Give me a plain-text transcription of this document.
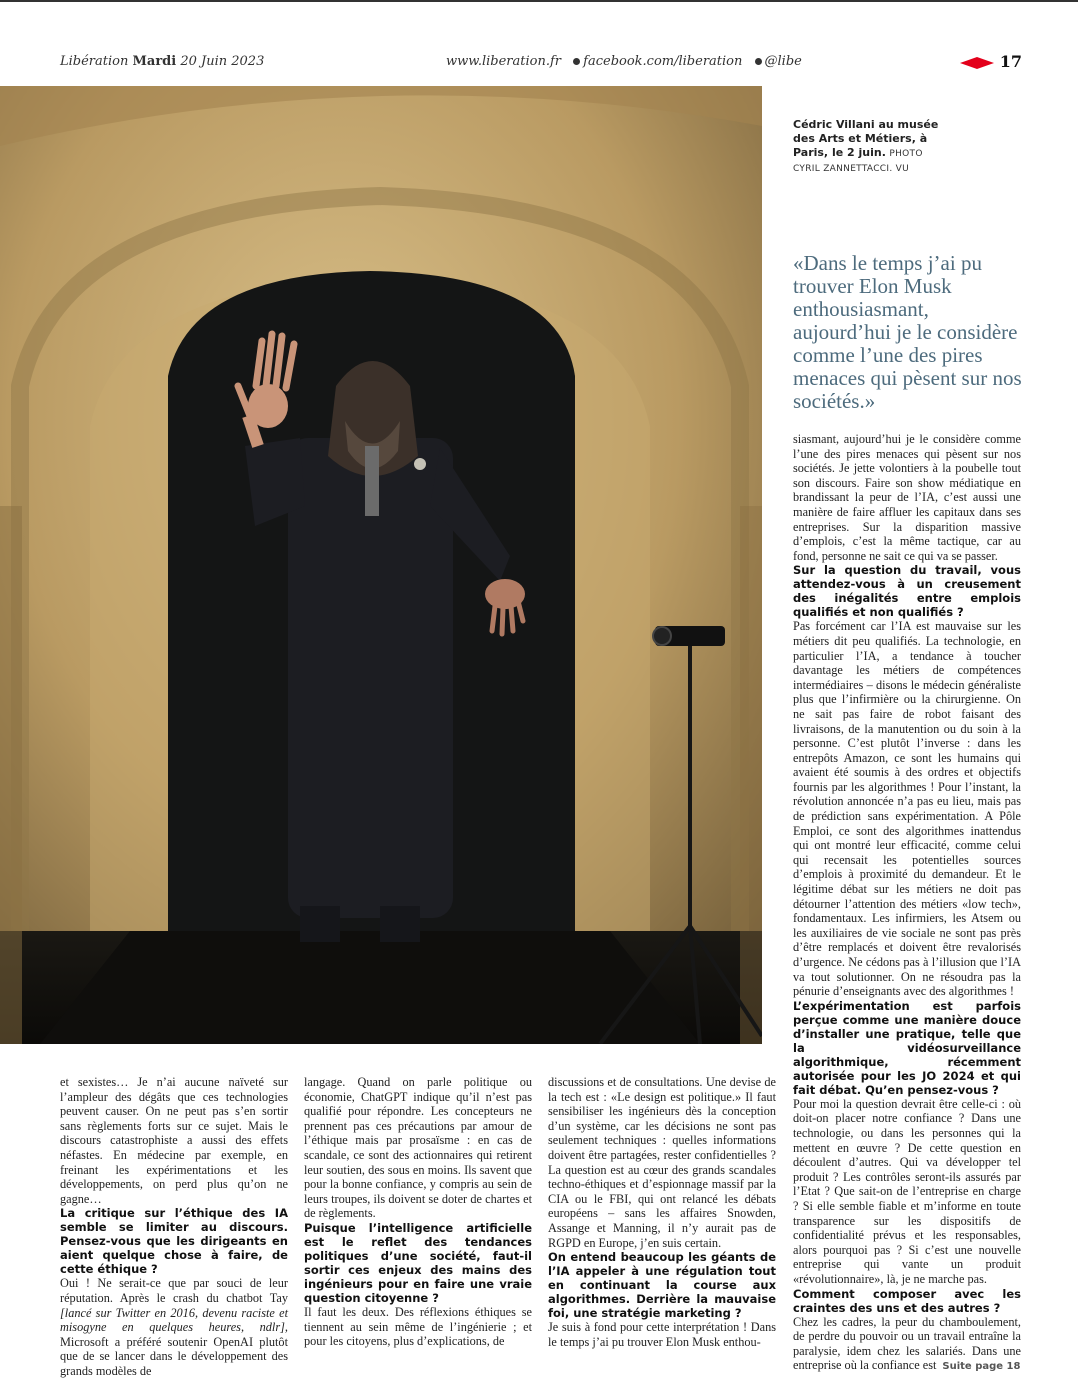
Libération Mardi 20 Juin 2023	www.liberation.fr facebook.com/liberation @libe	17
Cédric Villani au musée des Arts et Métiers, à Paris, le 2 juin. PHOTO
CYRIL ZANNETTACCI. VU
«Dans le temps j’ai pu trouver Elon Musk enthousiasmant, aujourd’hui je le considère comme l’une des pires menaces qui pèsent sur nos sociétés.»

siasmant, aujourd’hui je le considère comme l’une des pires menaces qui pèsent sur nos sociétés. Je jette volontiers à la poubelle tout son discours. Faire son show médiatique en brandissant la peur de l’IA, c’est aussi une manière de faire affluer les capitaux dans ses entreprises. Sur la disparition massive d’emplois, c’est la même tactique, car au fond, personne ne sait ce qui va se passer.

Sur la question du travail, vous attendez-vous à un creusement des inégalités entre emplois qualifiés et non qualifiés ?

Pas forcément car l’IA est mauvaise sur les métiers dit peu qualifiés. La technologie, en particulier l’IA, a tendance à toucher davantage les métiers de compétences intermédiaires – disons le médecin généraliste plus que l’infirmière ou la chirurgienne. On ne sait pas faire de robot faisant des livraisons, de la manutention ou du soin à la personne. C’est plutôt l’inverse : dans les entrepôts Amazon, ce sont les humains qui avaient été soumis à des ordres et objectifs fournis par les algorithmes ! Pour l’instant, la révolution annoncée n’a pas eu lieu, mais pas de prédiction sans expérimentation. A Pôle Emploi, ce sont des algorithmes inattendus qui ont montré leur efficacité, comme celui qui recensait les potentielles sources d’emplois à proximité du demandeur. Et le légitime débat sur les métiers ne doit pas détourner l’attention des métiers «low tech», fondamentaux. Les infirmiers, les Atsem ou les auxiliaires de vie sociale ne sont pas près d’être remplacés et doivent être revalorisés d’urgence. Ne cédons pas à l’illusion que l’IA va tout solutionner. On ne résoudra pas la pénurie d’enseignants avec des algorithmes !

L’expérimentation est parfois perçue comme une manière douce d’installer une pratique, telle que la vidéosurveillance algorithmique, récemment autorisée pour les JO 2024 et qui fait débat. Qu’en pensez-vous ?

Pour moi la question devrait être celle-ci : où doit-on placer notre confiance ? Dans une technologie, ou dans les personnes qui la mettent en œuvre ? De cette question en découlent d’autres. Qui va développer tel produit ? Les contrôles seront-ils assurés par l’Etat ? Que sait-on de l’entreprise en charge ? Si elle semble fiable et m’informe en toute transparence sur les dispositifs de confidentialité prévus et les responsables, alors pourquoi pas ? Si c’est une nouvelle entreprise qui vante un produit «révolutionnaire», là, je ne marche pas.

Comment composer avec les craintes des uns et des autres ?

Chez les cadres, la peur du chamboulement, de perdre du pouvoir ou un travail entraîne la paralysie, idem chez les salariés. Dans une entreprise où la confiance est Suite page 18

et sexistes… Je n’ai aucune naïveté sur l’ampleur des dégâts que ces technologies peuvent causer. On ne peut pas s’en sortir sans règlements forts sur ce sujet. Mais le discours catastrophiste a aussi des effets néfastes. En médecine par exemple, en freinant les expérimentations et les développements, on perd plus qu’on ne gagne…

La critique sur l’éthique des IA semble se limiter au discours. Pensez-vous que les dirigeants en aient quelque chose à faire, de cette éthique ?

Oui ! Ne serait-ce que par souci de leur réputation. Après le crash du chatbot Tay [lancé sur Twitter en 2016, devenu raciste et misogyne en quelques heures, ndlr], Microsoft a préféré soutenir OpenAI plutôt que de se lancer dans le développement des grands modèles de

langage. Quand on parle politique ou économie, ChatGPT indique qu’il n’est pas qualifié pour répondre. Les concepteurs ne prennent pas ces précautions par amour de l’éthique mais par prosaïsme : en cas de scandale, ce sont des actionnaires qui retirent leur soutien, des sous en moins. Ils savent que pour la bonne confiance, y compris au sein de leurs troupes, ils doivent se doter de chartes et de règlements.

Puisque l’intelligence artificielle est le reflet des tendances politiques d’une société, faut-il sortir ces enjeux des mains des ingénieurs pour en faire une vraie question citoyenne ?

Il faut les deux. Des réflexions éthiques se tiennent au sein même de l’ingénierie ; et pour les citoyens, plus d’explications, de

discussions et de consultations. Une devise de la tech est : «Le design est politique.» Il faut sensibiliser les ingénieurs dès la conception d’un système, car les décisions ne sont pas seulement techniques : quelles informations doivent être partagées, rester confidentielles ? La question est au cœur des grands scandales techno-éthiques et d’espionnage massif par la CIA ou le FBI, qui ont relancé les débats européens – sans les affaires Snowden, Assange et Manning, il n’y aurait pas de RGPD en Europe, j’en suis certain.

On entend beaucoup les géants de l’IA appeler à une régulation tout en continuant la course aux algorithmes. Derrière la mauvaise foi, une stratégie marketing ?

Je suis à fond pour cette interprétation ! Dans le temps j’ai pu trouver Elon Musk enthou-
